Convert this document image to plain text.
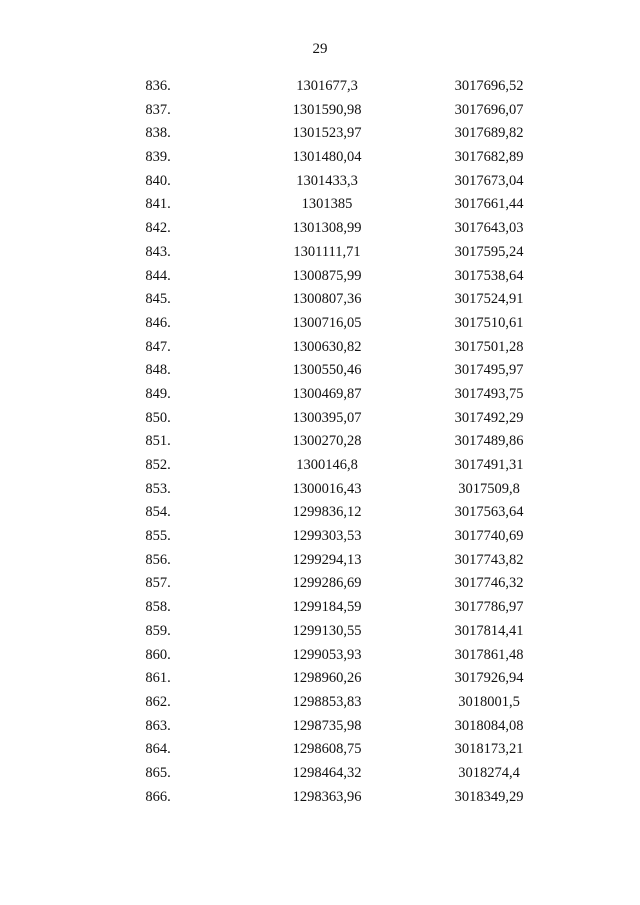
29
836.	1301677,3	3017696,52
837.	1301590,98	3017696,07
838.	1301523,97	3017689,82
839.	1301480,04	3017682,89
840.	1301433,3	3017673,04
841.	1301385	3017661,44
842.	1301308,99	3017643,03
843.	1301111,71	3017595,24
844.	1300875,99	3017538,64
845.	1300807,36	3017524,91
846.	1300716,05	3017510,61
847.	1300630,82	3017501,28
848.	1300550,46	3017495,97
849.	1300469,87	3017493,75
850.	1300395,07	3017492,29
851.	1300270,28	3017489,86
852.	1300146,8	3017491,31
853.	1300016,43	3017509,8
854.	1299836,12	3017563,64
855.	1299303,53	3017740,69
856.	1299294,13	3017743,82
857.	1299286,69	3017746,32
858.	1299184,59	3017786,97
859.	1299130,55	3017814,41
860.	1299053,93	3017861,48
861.	1298960,26	3017926,94
862.	1298853,83	3018001,5
863.	1298735,98	3018084,08
864.	1298608,75	3018173,21
865.	1298464,32	3018274,4
866.	1298363,96	3018349,29
